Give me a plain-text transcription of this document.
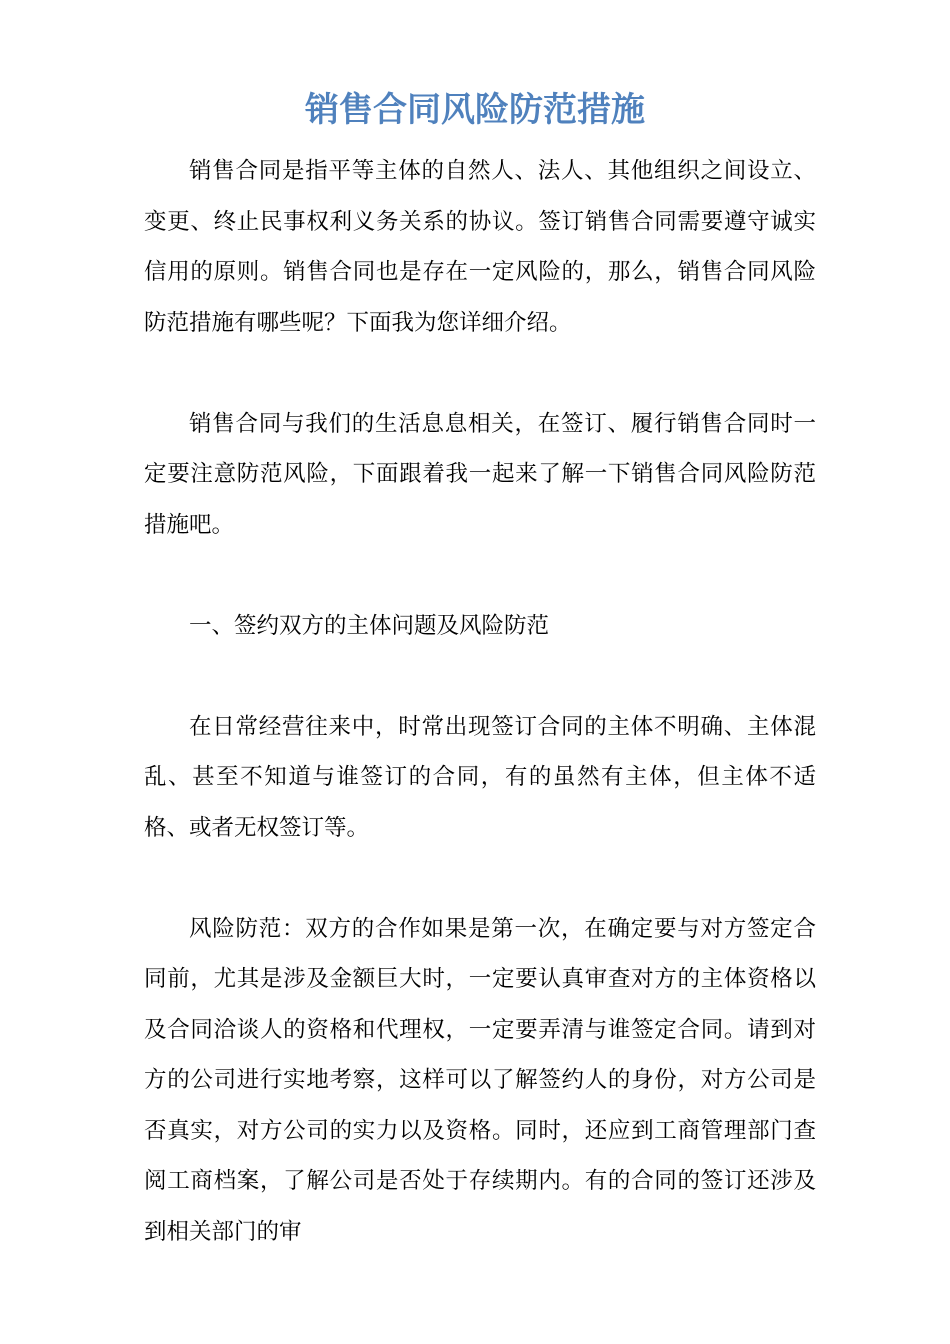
销售合同风险防范措施

销售合同是指平等主体的自然人、法人、其他组织之间设立、变更、终止民事权利义务关系的协议。签订销售合同需要遵守诚实信用的原则。销售合同也是存在一定风险的，那么，销售合同风险防范措施有哪些呢？下面我为您详细介绍。

销售合同与我们的生活息息相关，在签订、履行销售合同时一定要注意防范风险，下面跟着我一起来了解一下销售合同风险防范措施吧。

一、签约双方的主体问题及风险防范

在日常经营往来中，时常出现签订合同的主体不明确、主体混乱、甚至不知道与谁签订的合同，有的虽然有主体，但主体不适格、或者无权签订等。

风险防范：双方的合作如果是第一次，在确定要与对方签定合同前，尤其是涉及金额巨大时，一定要认真审查对方的主体资格以及合同洽谈人的资格和代理权，一定要弄清与谁签定合同。请到对方的公司进行实地考察，这样可以了解签约人的身份，对方公司是否真实，对方公司的实力以及资格。同时，还应到工商管理部门查阅工商档案，了解公司是否处于存续期内。有的合同的签订还涉及到相关部门的审
